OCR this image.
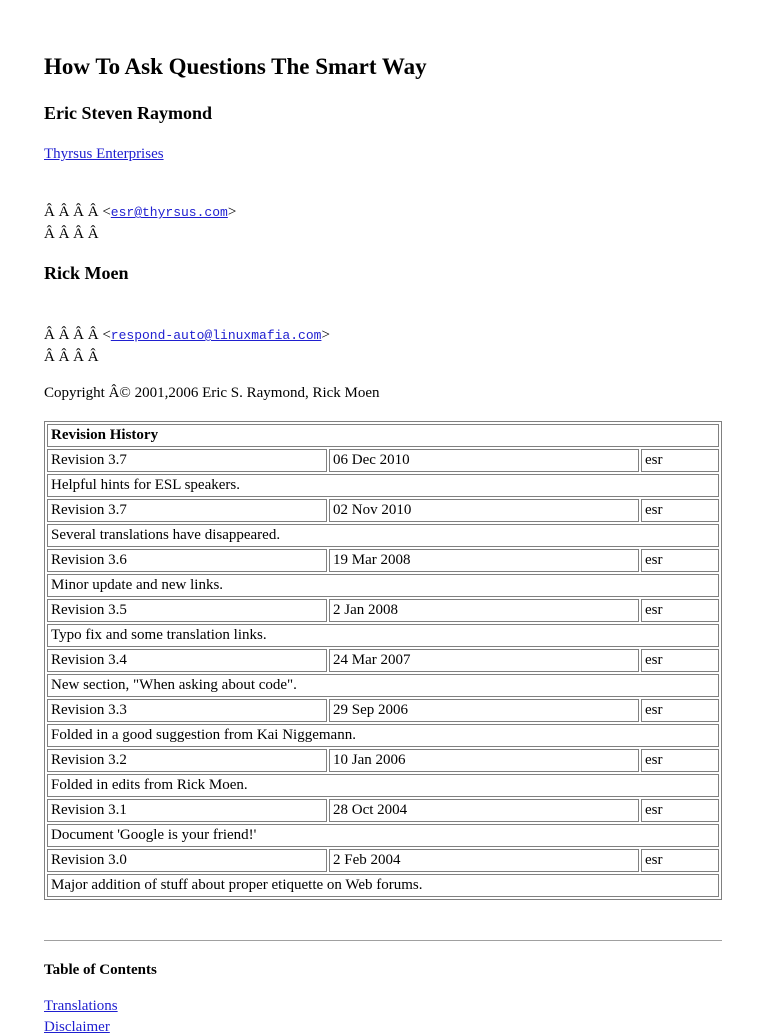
How To Ask Questions The Smart Way
Eric Steven Raymond
Thyrsus Enterprises
Â Â Â Â <esr@thyrsus.com>
Â Â Â Â
Rick Moen
Â Â Â Â <respond-auto@linuxmafia.com>
Â Â Â Â
Copyright Â© 2001,2006 Eric S. Raymond, Rick Moen
Revision History		
Revision 3.7	06 Dec 2010	esr
Helpful hints for ESL speakers.		
Revision 3.7	02 Nov 2010	esr
Several translations have disappeared.		
Revision 3.6	19 Mar 2008	esr
Minor update and new links.		
Revision 3.5	2 Jan 2008	esr
Typo fix and some translation links.		
Revision 3.4	24 Mar 2007	esr
New section, "When asking about code".		
Revision 3.3	29 Sep 2006	esr
Folded in a good suggestion from Kai Niggemann.		
Revision 3.2	10 Jan 2006	esr
Folded in edits from Rick Moen.		
Revision 3.1	28 Oct 2004	esr
Document 'Google is your friend!'		
Revision 3.0	2 Feb 2004	esr
Major addition of stuff about proper etiquette on Web forums.		
Table of Contents
Translations
Disclaimer
